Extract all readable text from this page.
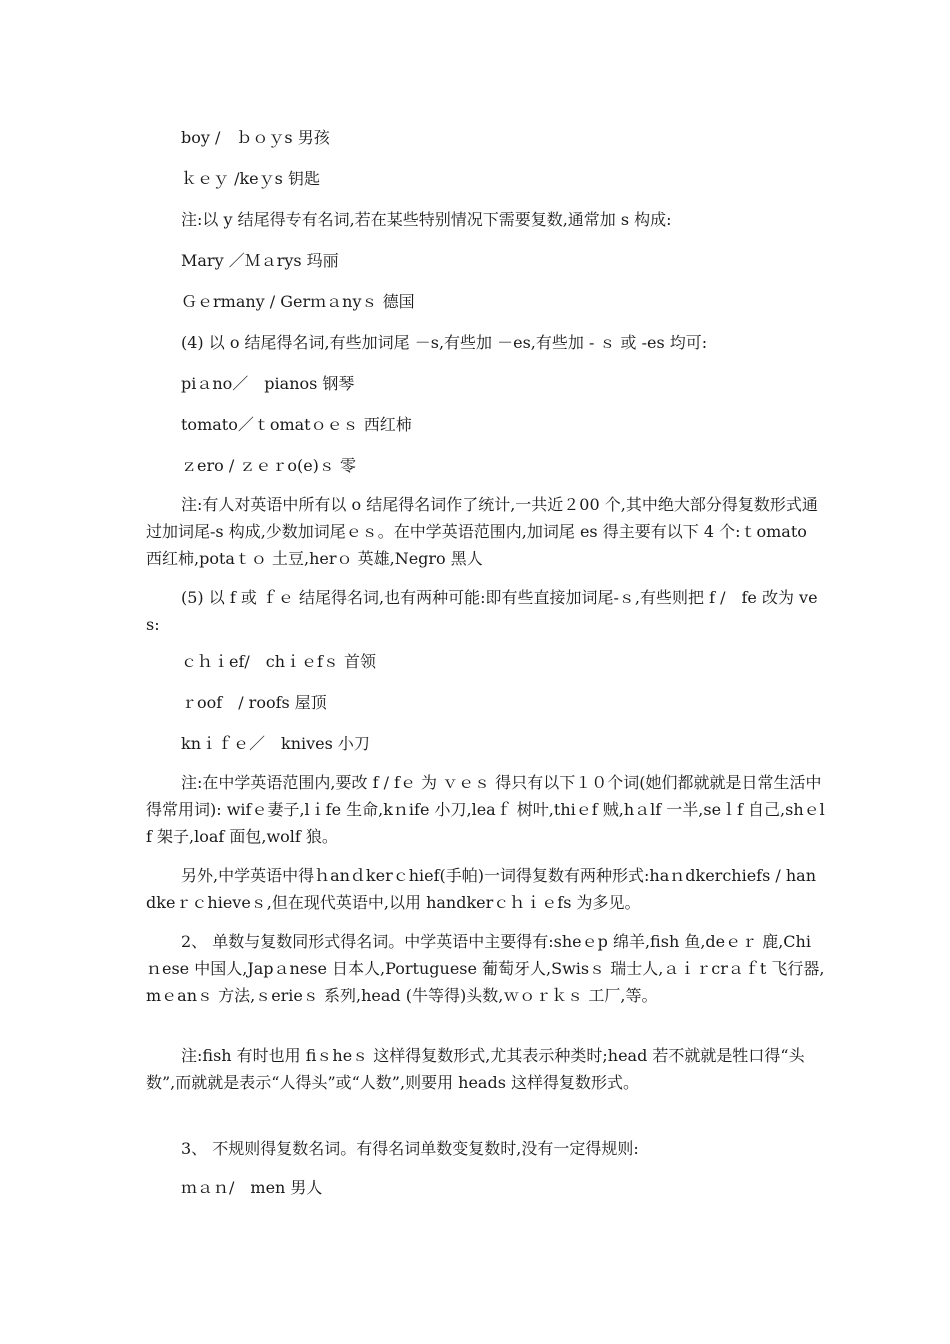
boy /　ｂｏｙs 男孩
ｋｅｙ /keｙs 钥匙
注:以 y 结尾得专有名词,若在某些特别情况下需要复数,通常加 s 构成:
Mary ／Ｍａrys 玛丽
Ｇｅrmany / Gerｍａnyｓ 德国
(4) 以 o 结尾得名词,有些加词尾 －s,有些加 －es,有些加 - ｓ 或 -es 均可:
piａno／　pianos 钢琴
tomato／ｔomatｏｅｓ 西红柿
ｚero / ｚｅｒo(e)ｓ 零
注:有人对英语中所有以 o 结尾得名词作了统计,一共近２00 个,其中绝大部分得复数形式通过加词尾-s 构成,少数加词尾ｅｓ。在中学英语范围内,加词尾 es 得主要有以下 4 个:ｔomato 西红柿,potaｔｏ 土豆,herｏ 英雄,Negro 黑人
(5) 以 f 或 ｆｅ 结尾得名词,也有两种可能:即有些直接加词尾-ｓ,有些则把 f /　fe 改为 ves:
ｃｈｉef/　chｉｅfｓ 首领
ｒoof　/ roofs 屋顶
knｉｆｅ／　knives 小刀
注:在中学英语范围内,要改 f / fｅ 为 ｖｅｓ 得只有以下１０个词(她们都就就是日常生活中得常用词): wifｅ妻子,lｉfe 生命,kｎife 小刀,leaｆ 树叶,thiｅf 贼,hａlf 一半,seｌf 自己,shｅlf 架子,loaf 面包,wolf 狼。
另外,中学英语中得ｈanｄkerｃhief(手帕)一词得复数有两种形式:haｎdkerchiefs / handkeｒｃhieveｓ,但在现代英语中,以用 handkerｃｈｉｅfs 为多见。
2、 单数与复数同形式得名词。中学英语中主要得有:sheｅp 绵羊,fish 鱼,deｅｒ 鹿,Chiｎese 中国人,Japａnese 日本人,Portuguese 葡萄牙人,Swisｓ 瑞士人,ａｉｒcrａｆt 飞行器,mｅanｓ 方法,ｓerieｓ 系列,head (牛等得)头数,ｗｏｒｋｓ 工厂,等。
注:fish 有时也用 fiｓheｓ 这样得复数形式,尤其表示种类时;head 若不就就是牲口得“头数”,而就就是表示“人得头”或“人数”,则要用 heads 这样得复数形式。
3、 不规则得复数名词。有得名词单数变复数时,没有一定得规则:
ｍａｎ/　men 男人
